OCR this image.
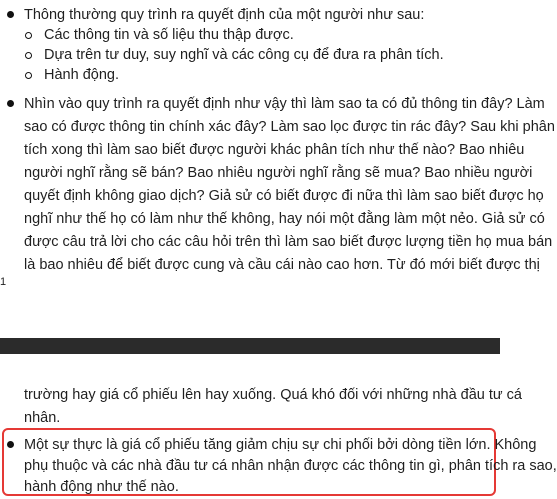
Thông thường quy trình ra quyết định của một người như sau:
Các thông tin và số liệu thu thập được.
Dựa trên tư duy, suy nghĩ và các công cụ để đưa ra phân tích.
Hành động.
Nhìn vào quy trình ra quyết định như vậy thì làm sao ta có đủ thông tin đây? Làm
sao có được thông tin chính xác đây? Làm sao lọc được tin rác đây? Sau khi phân
tích xong thì làm sao biết được người khác phân tích như thế nào? Bao nhiêu
người nghĩ rằng sẽ bán? Bao nhiêu người nghĩ rằng sẽ mua? Bao nhiều người
quyết định không giao dịch? Giả sử có biết được đi nữa thì làm sao biết được họ
nghĩ như thế họ có làm như thế không, hay nói một đằng làm một nẻo. Giả sử có
được câu trả lời cho các câu hỏi trên thì làm sao biết được lượng tiền họ mua bán
là bao nhiêu để biết được cung và cầu cái nào cao hơn. Từ đó mới biết được thị
1
trường hay giá cổ phiếu lên hay xuống. Quá khó đối với những nhà đầu tư cá
nhân.
Một sự thực là giá cổ phiếu tăng giảm chịu sự chi phối bởi dòng tiền lớn. Không
phụ thuộc và các nhà đầu tư cá nhân nhận được các thông tin gì, phân tích ra sao,
hành động như thế nào.
